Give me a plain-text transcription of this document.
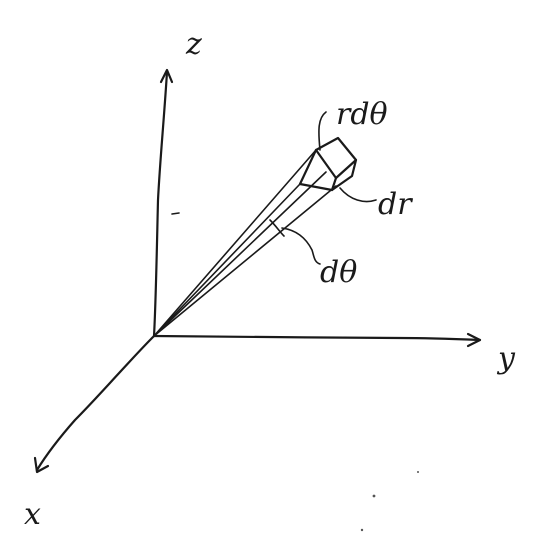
z
y
x
rdθ
dr
dθ
